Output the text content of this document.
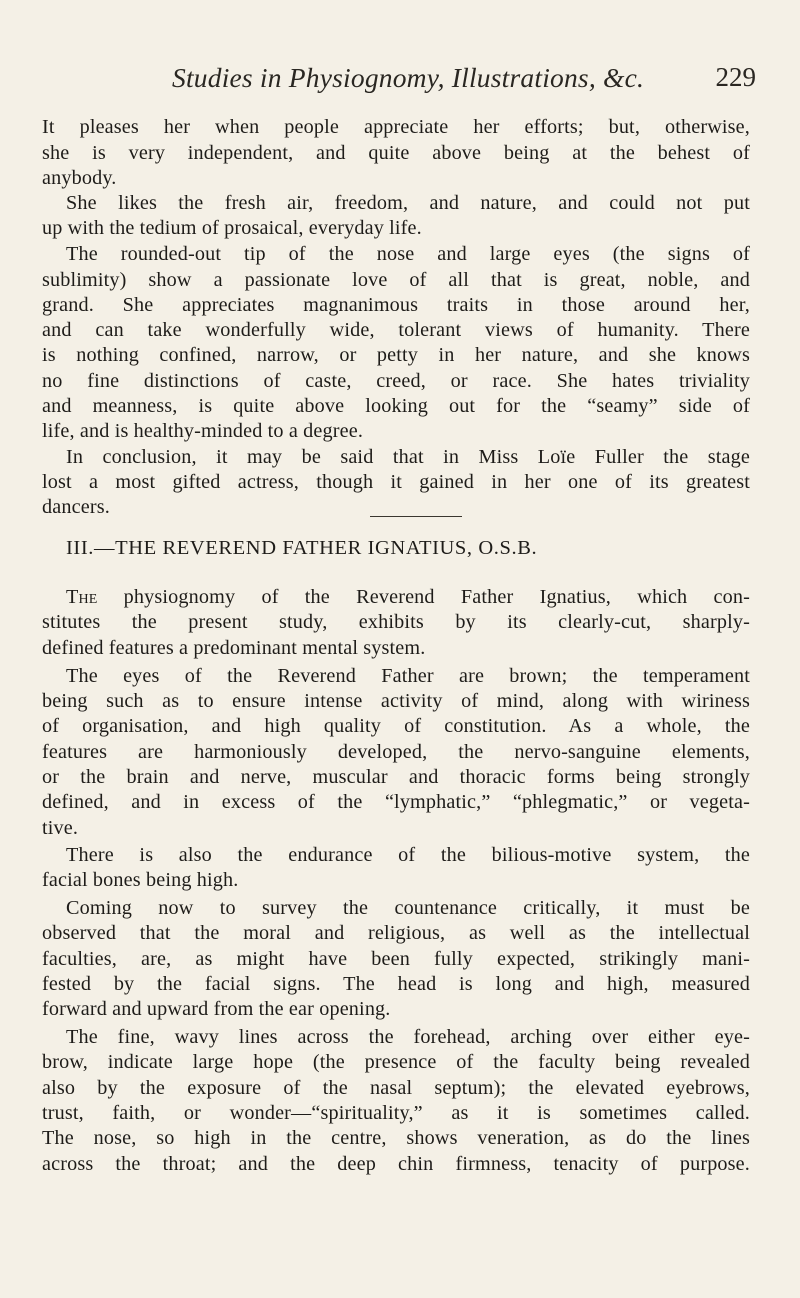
Studies in Physiognomy, Illustrations, &c.	229
It pleases her when people appreciate her efforts; but, otherwise,
she is very independent, and quite above being at the behest of
anybody.
She likes the fresh air, freedom, and nature, and could not put
up with the tedium of prosaical, everyday life.
The rounded-out tip of the nose and large eyes (the signs of
sublimity) show a passionate love of all that is great, noble, and
grand. She appreciates magnanimous traits in those around her,
and can take wonderfully wide, tolerant views of humanity. There
is nothing confined, narrow, or petty in her nature, and she knows
no fine distinctions of caste, creed, or race. She hates triviality
and meanness, is quite above looking out for the “seamy” side of
life, and is healthy-minded to a degree.
In conclusion, it may be said that in Miss Loïe Fuller the stage
lost a most gifted actress, though it gained in her one of its greatest
dancers.
III.—THE REVEREND FATHER IGNATIUS, O.S.B.
The physiognomy of the Reverend Father Ignatius, which con-
stitutes the present study, exhibits by its clearly-cut, sharply-
defined features a predominant mental system.
The eyes of the Reverend Father are brown; the temperament
being such as to ensure intense activity of mind, along with wiriness
of organisation, and high quality of constitution. As a whole, the
features are harmoniously developed, the nervo-sanguine elements,
or the brain and nerve, muscular and thoracic forms being strongly
defined, and in excess of the “lymphatic,” “phlegmatic,” or vegeta-
tive.
There is also the endurance of the bilious-motive system, the
facial bones being high.
Coming now to survey the countenance critically, it must be
observed that the moral and religious, as well as the intellectual
faculties, are, as might have been fully expected, strikingly mani-
fested by the facial signs. The head is long and high, measured
forward and upward from the ear opening.
The fine, wavy lines across the forehead, arching over either eye-
brow, indicate large hope (the presence of the faculty being revealed
also by the exposure of the nasal septum); the elevated eyebrows,
trust, faith, or wonder—“spirituality,” as it is sometimes called.
The nose, so high in the centre, shows veneration, as do the lines
across the throat; and the deep chin firmness, tenacity of purpose.
